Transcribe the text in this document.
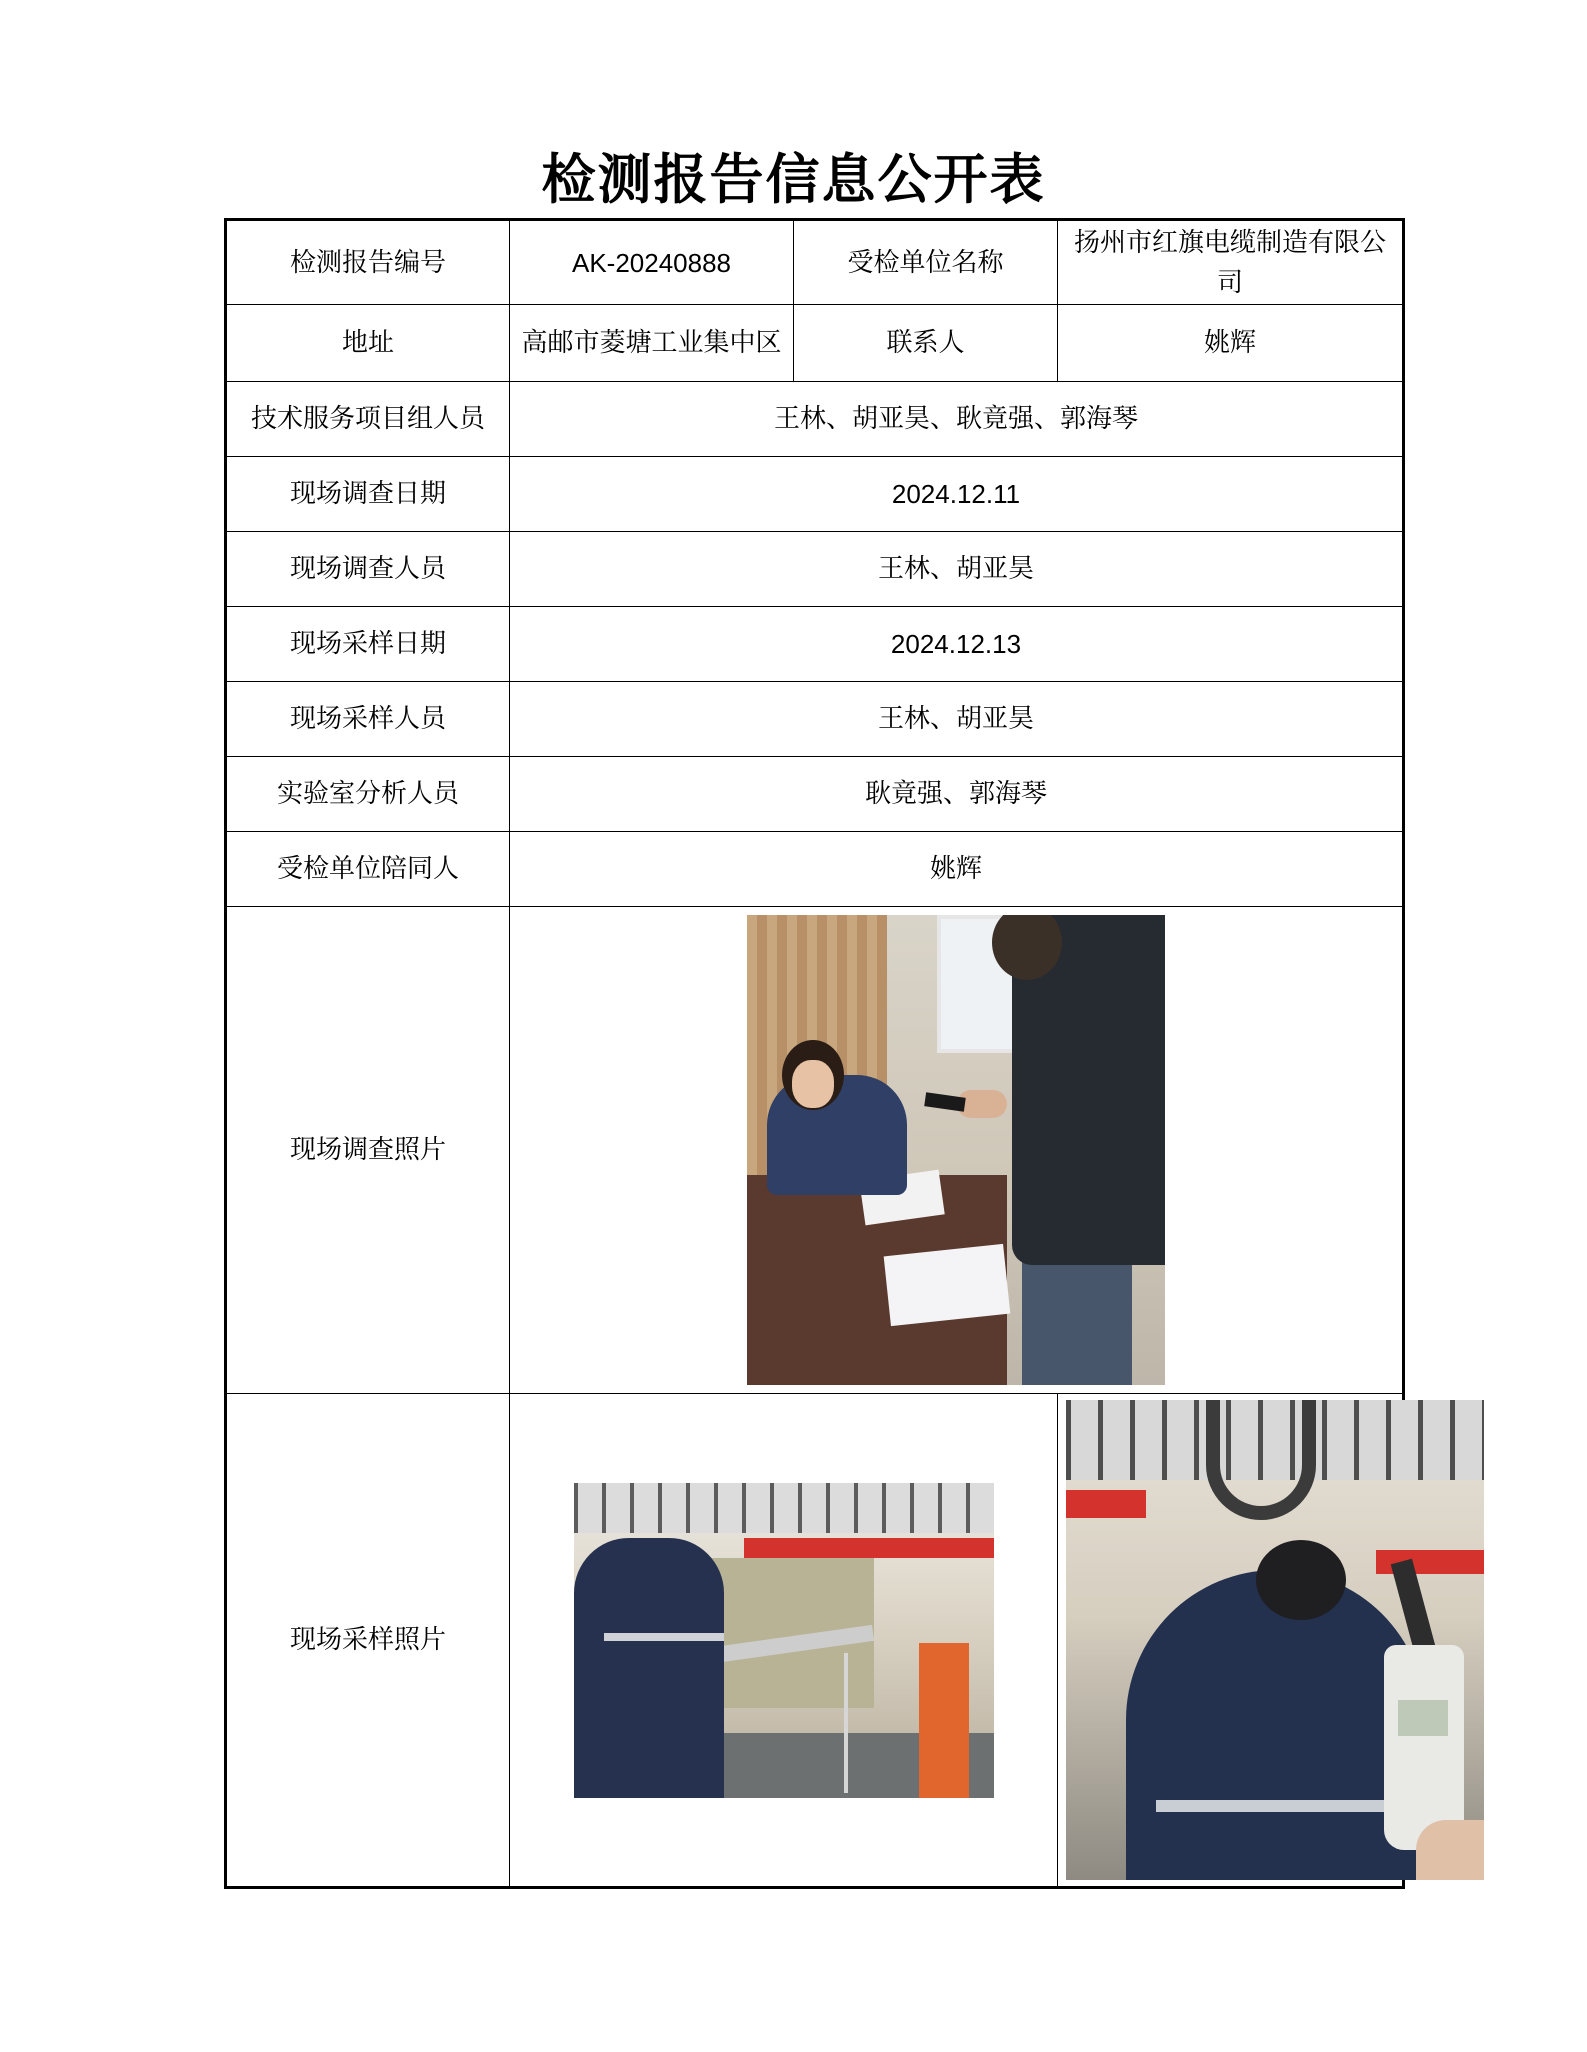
检测报告信息公开表
检测报告编号	AK-20240888	受检单位名称	扬州市红旗电缆制造有限公司
地址	高邮市菱塘工业集中区	联系人	姚辉
技术服务项目组人员	王林、胡亚昊、耿竟强、郭海琴		
现场调查日期	2024.12.11		
现场调查人员	王林、胡亚昊		
现场采样日期	2024.12.13		
现场采样人员	王林、胡亚昊		
实验室分析人员	耿竟强、郭海琴		
受检单位陪同人	姚辉		
现场调查照片			

现场采样照片		
